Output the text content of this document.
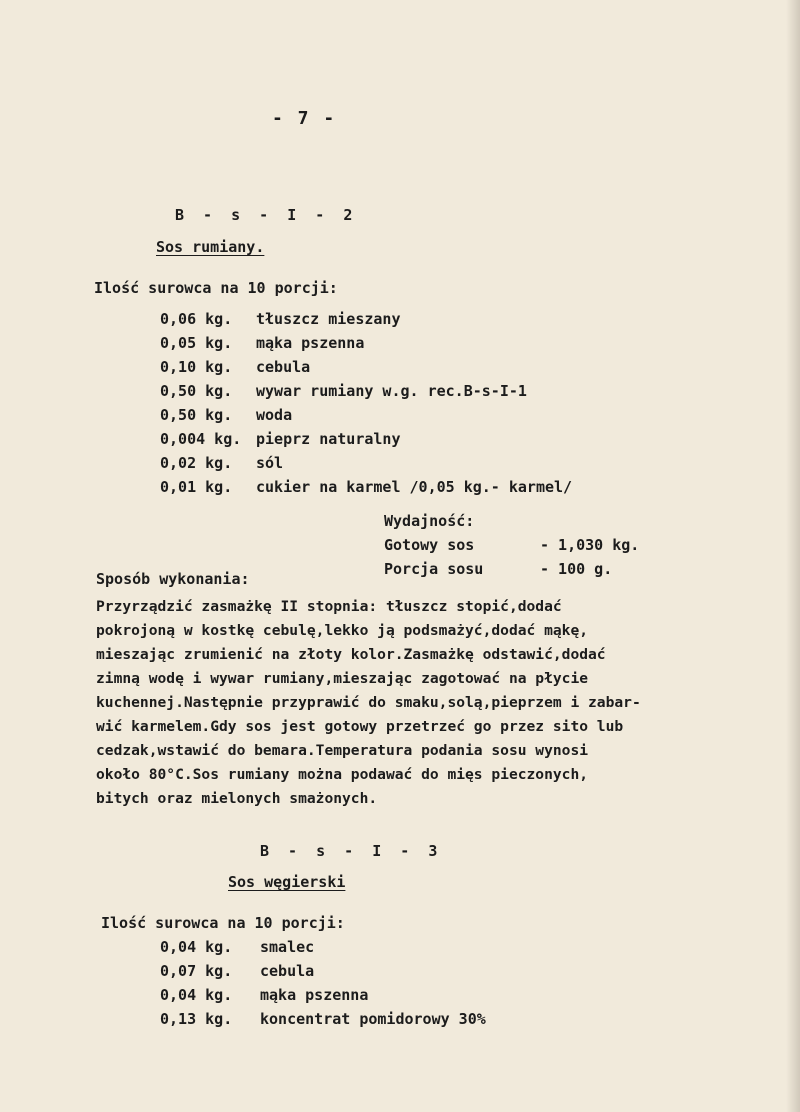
- 7 -
B - s - I - 2
Sos rumiany.
Ilość surowca na 10 porcji:
0,06 kg. tłuszcz mieszany
0,05 kg. mąka pszenna
0,10 kg. cebula
0,50 kg. wywar rumiany w.g. rec.B-s-I-1
0,50 kg. woda
0,004 kg. pieprz naturalny
0,02 kg. sól
0,01 kg. cukier na karmel /0,05 kg.- karmel/
Wydajność:
Gotowy sos	- 1,030 kg.
Porcja sosu	- 100 g.
Sposób wykonania:
Przyrządzić zasmażkę II stopnia: tłuszcz stopić,dodać
pokrojoną w kostkę cebulę,lekko ją podsmażyć,dodać mąkę,
mieszając zrumienić na złoty kolor.Zasmażkę odstawić,dodać
zimną wodę i wywar rumiany,mieszając zagotować na płycie
kuchennej.Następnie przyprawić do smaku,solą,pieprzem i zabar-
wić karmelem.Gdy sos jest gotowy przetrzeć go przez sito lub
cedzak,wstawić do bemara.Temperatura podania sosu wynosi
około 80°C.Sos rumiany można podawać do mięs pieczonych,
bitych oraz mielonych smażonych.
B - s - I - 3
Sos węgierski
Ilość surowca na 10 porcji:
0,04 kg. smalec
0,07 kg. cebula
0,04 kg. mąka pszenna
0,13 kg. koncentrat pomidorowy 30%
